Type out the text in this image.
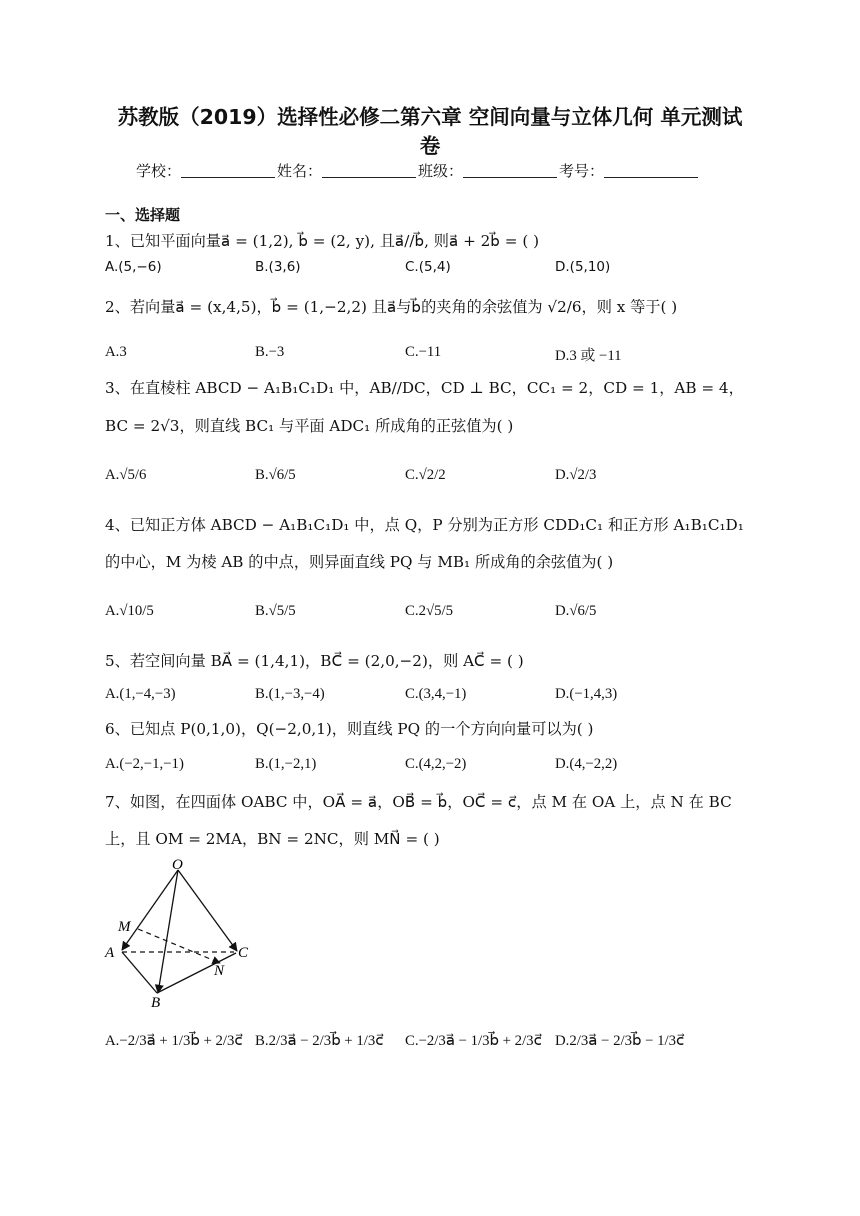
苏教版（2019）选择性必修二第六章 空间向量与立体几何 单元测试
卷
学校：	姓名：	班级：	考号：
一、选择题
1、已知平面向量a⃗ = (1,2), b⃗ = (2, y), 且a⃗//b⃗, 则a⃗ + 2b⃗ = ( )
A.(5,−6)	B.(3,6)	C.(5,4)	D.(5,10)
2、若向量a⃗ = (x,4,5)，b⃗ = (1,−2,2) 且a⃗与b⃗的夹角的余弦值为 √2/6，则 x 等于( )
A.3	B.−3	C.−11	D.3 或 −11
3、在直棱柱 ABCD − A₁B₁C₁D₁ 中，AB//DC，CD ⊥ BC，CC₁ = 2，CD = 1，AB = 4，
BC = 2√3，则直线 BC₁ 与平面 ADC₁ 所成角的正弦值为( )
A.√5/6	B.√6/5	C.√2/2	D.√2/3
4、已知正方体 ABCD − A₁B₁C₁D₁ 中，点 Q，P 分别为正方形 CDD₁C₁ 和正方形 A₁B₁C₁D₁
的中心，M 为棱 AB 的中点，则异面直线 PQ 与 MB₁ 所成角的余弦值为( )
A.√10/5	B.√5/5	C.2√5/5	D.√6/5
5、若空间向量 BA⃗ = (1,4,1)，BC⃗ = (2,0,−2)，则 AC⃗ = ( )
A.(1,−4,−3)	B.(1,−3,−4)	C.(3,4,−1)	D.(−1,4,3)
6、已知点 P(0,1,0)，Q(−2,0,1)，则直线 PQ 的一个方向向量可以为( )
A.(−2,−1,−1)	B.(1,−2,1)	C.(4,2,−2)	D.(4,−2,2)
7、如图，在四面体 OABC 中，OA⃗ = a⃗，OB⃗ = b⃗，OC⃗ = c⃗，点 M 在 OA 上，点 N 在 BC
上，且 OM = 2MA，BN = 2NC，则 MN⃗ = ( )
O
M
A	C
N
B
A.−2/3a⃗ + 1/3b⃗ + 2/3c⃗ B.2/3a⃗ − 2/3b⃗ + 1/3c⃗ C.−2/3a⃗ − 1/3b⃗ + 2/3c⃗ D.2/3a⃗ − 2/3b⃗ − 1/3c⃗
